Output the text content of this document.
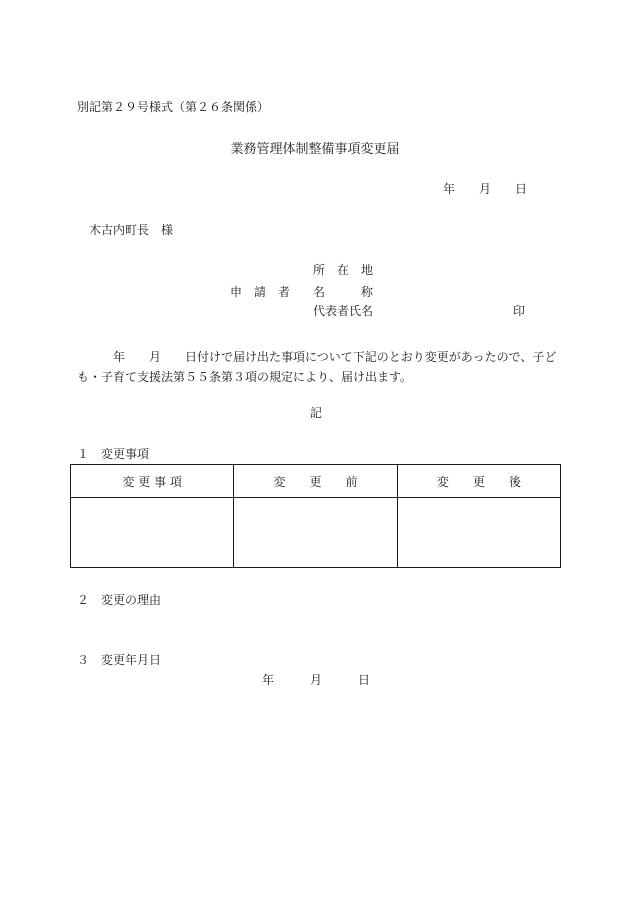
別記第２９号様式（第２６条関係）
業務管理体制整備事項変更届
年　　月　　日
木古内町長　様
所　在　地
申　請　者 名　　　称
代表者氏名	印
　　　年　　月　　日付けで届け出た事項について下記のとおり変更があったので、子ども・子育て支援法第５５条第３項の規定により、届け出ます。
記
１　変更事項
変 更 事 項	変　　更　　前	変　　更　　後

２　変更の理由
３　変更年月日
年　　　月　　　日
